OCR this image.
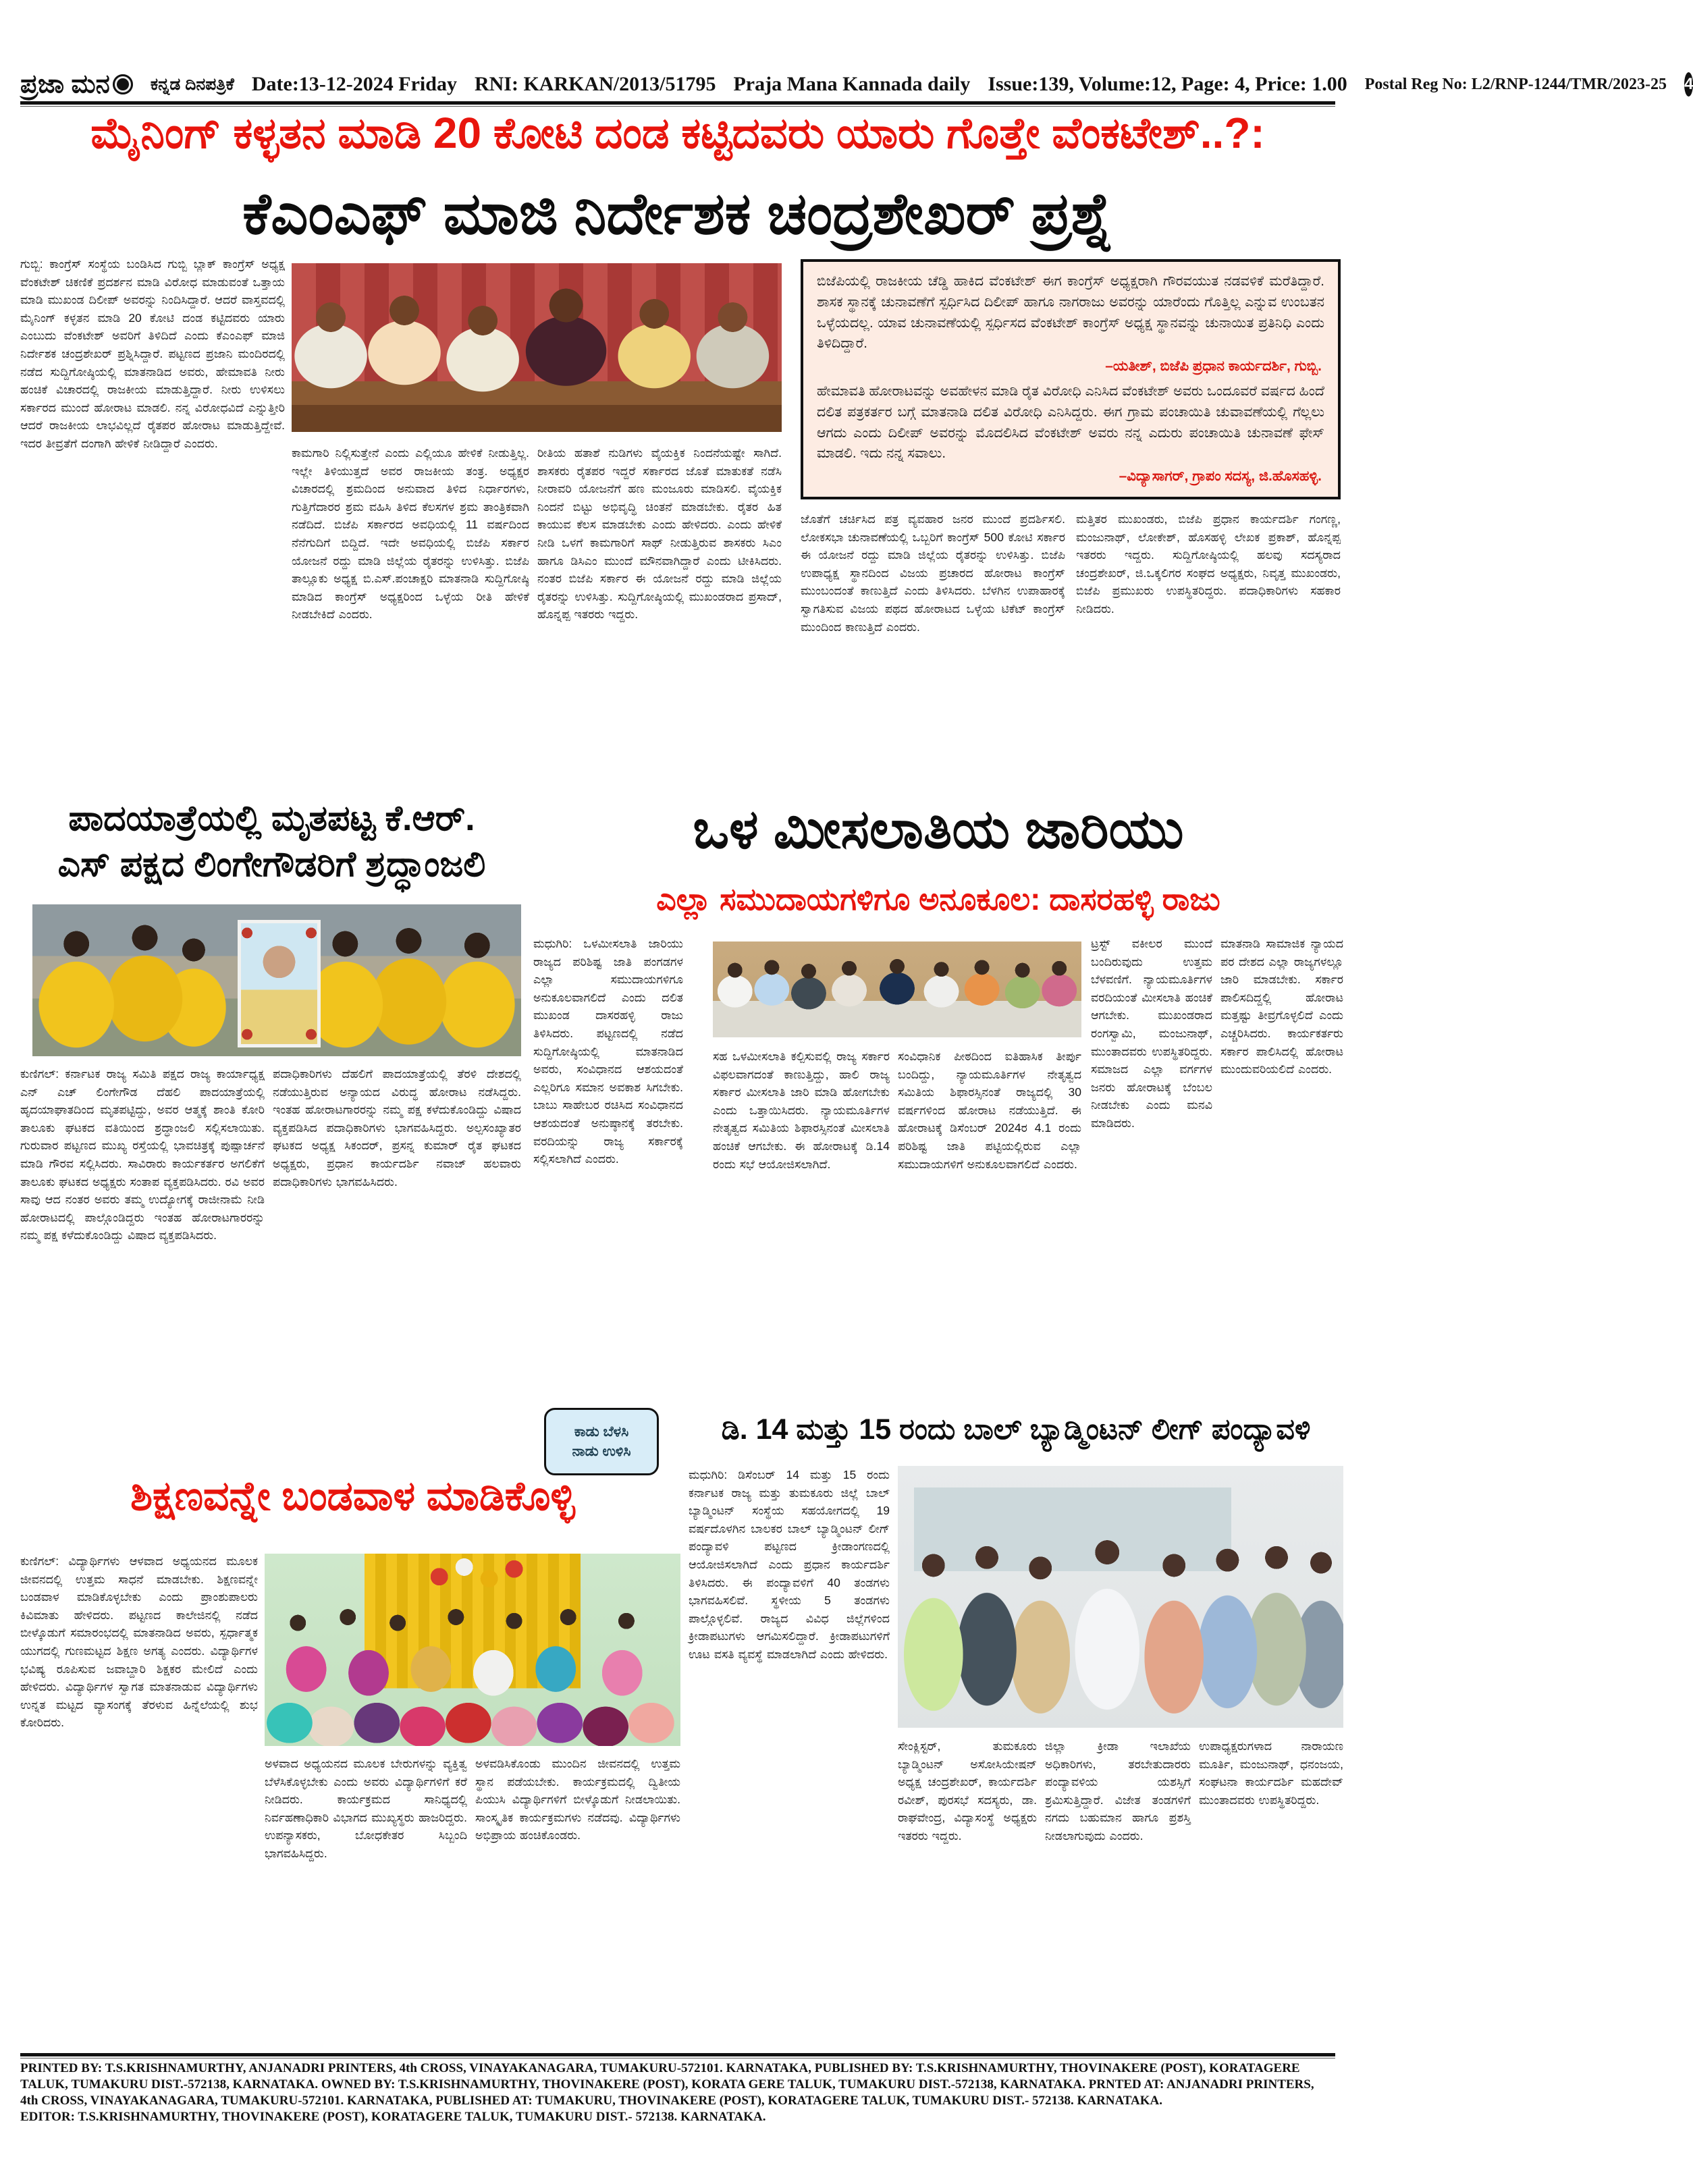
ಪ್ರಜಾ ಮನ ಕನ್ನಡ ದಿನಪತ್ರಿಕೆ Date:13-12-2024 Friday RNI: KARKAN/2013/51795 Praja Mana Kannada daily Issue:139, Volume:12, Page: 4, Price: 1.00 Postal Reg No: L2/RNP-1244/TMR/2023-25 4
ಮೈನಿಂಗ್ ಕಳ್ಳತನ ಮಾಡಿ 20 ಕೋಟಿ ದಂಡ ಕಟ್ಟಿದವರು ಯಾರು ಗೊತ್ತೇ ವೆಂಕಟೇಶ್..?:
ಕೆಎಂಎಫ್ ಮಾಜಿ ನಿರ್ದೇಶಕ ಚಂದ್ರಶೇಖರ್ ಪ್ರಶ್ನೆ
ಗುಬ್ಬಿ: ಕಾಂಗ್ರೆಸ್ ಸಂಸ್ಥೆಯ ಬಂಡಿಸಿದ ಗುಬ್ಬಿ ಬ್ಲಾಕ್ ಕಾಂಗ್ರೆಸ್ ಅಧ್ಯಕ್ಷ ವೆಂಕಟೇಶ್ ಚಿಕಣಿಕೆ ಪ್ರದರ್ಶನ ಮಾಡಿ ವಿರೋಧ ಮಾಡುವಂತೆ ಒತ್ತಾಯ ಮಾಡಿ ಮುಖಂಡ ದಿಲೀಪ್ ಅವರನ್ನು ನಿಂದಿಸಿದ್ದಾರೆ. ಆದರೆ ವಾಸ್ತವದಲ್ಲಿ ಮೈನಿಂಗ್ ಕಳ್ಳತನ ಮಾಡಿ 20 ಕೋಟಿ ದಂಡ ಕಟ್ಟಿದವರು ಯಾರು ಎಂಬುದು ವೆಂಕಟೇಶ್ ಅವರಿಗೆ ತಿಳಿದಿದೆ ಎಂದು ಕೆಎಂಎಫ್ ಮಾಜಿ ನಿರ್ದೇಶಕ ಚಂದ್ರಶೇಖರ್ ಪ್ರಶ್ನಿಸಿದ್ದಾರೆ. ಪಟ್ಟಣದ ಪ್ರಜಾನಿ ಮಂದಿರದಲ್ಲಿ ನಡೆದ ಸುದ್ದಿಗೋಷ್ಠಿಯಲ್ಲಿ ಮಾತನಾಡಿದ ಅವರು, ಹೇಮಾವತಿ ನೀರು ಹಂಚಿಕೆ ವಿಚಾರದಲ್ಲಿ ರಾಜಕೀಯ ಮಾಡುತ್ತಿದ್ದಾರೆ. ನೀರು ಉಳಿಸಲು ಸರ್ಕಾರದ ಮುಂದೆ ಹೋರಾಟ ಮಾಡಲಿ. ನನ್ನ ವಿರೋಧವಿದೆ ಎನ್ನುತ್ತೀರಿ ಆದರೆ ರಾಜಕೀಯ ಲಾಭವಿಲ್ಲದೆ ರೈತಪರ ಹೋರಾಟ ಮಾಡುತ್ತಿದ್ದೇವೆ. ಇದರ ತೀವ್ರತೆಗೆ ದಂಗಾಗಿ ಹೇಳಿಕೆ ನೀಡಿದ್ದಾರೆ ಎಂದರು.
ಕಾಮಗಾರಿ ನಿಲ್ಲಿಸುತ್ತೇನೆ ಎಂದು ಎಲ್ಲಿಯೂ ಹೇಳಿಕೆ ನೀಡುತ್ತಿಲ್ಲ. ಇಲ್ಲೇ ತಿಳಿಯುತ್ತದೆ ಅವರ ರಾಜಕೀಯ ತಂತ್ರ. ಅಧ್ಯಕ್ಷರ ವಿಚಾರದಲ್ಲಿ ಶ್ರಮದಿಂದ ಅನುವಾದ ತಿಳಿದ ನಿರ್ಧಾರಗಳು, ಗುತ್ತಿಗೆದಾರರ ಶ್ರಮ ವಹಿಸಿ ತಿಳಿದ ಕೆಲಸಗಳ ಶ್ರಮ ತಾಂತ್ರಿಕವಾಗಿ ನಡೆದಿದೆ. ಬಿಜೆಪಿ ಸರ್ಕಾರದ ಅವಧಿಯಲ್ಲಿ 11 ವರ್ಷದಿಂದ ನೆನೆಗುದಿಗೆ ಬಿದ್ದಿದೆ. ಇದೇ ಅವಧಿಯಲ್ಲಿ ಬಿಜೆಪಿ ಸರ್ಕಾರ ಯೋಜನೆ ರದ್ದು ಮಾಡಿ ಜಿಲ್ಲೆಯ ರೈತರನ್ನು ಉಳಿಸಿತ್ತು. ಬಿಜೆಪಿ ತಾಲ್ಲೂಕು ಅಧ್ಯಕ್ಷ ಬಿ.ಎಸ್.ಪಂಚಾಕ್ಷರಿ ಮಾತನಾಡಿ ಸುದ್ದಿಗೋಷ್ಠಿ ಮಾಡಿದ ಕಾಂಗ್ರೆಸ್ ಅಧ್ಯಕ್ಷರಿಂದ ಒಳ್ಳೆಯ ರೀತಿ ಹೇಳಿಕೆ ನೀಡಬೇಕಿದೆ ಎಂದರು.
ರೀತಿಯ ಹತಾಶೆ ನುಡಿಗಳು ವೈಯಕ್ತಿಕ ನಿಂದನೆಯಷ್ಟೇ ಸಾಗಿದೆ. ಶಾಸಕರು ರೈತಪರ ಇದ್ದರೆ ಸರ್ಕಾರದ ಜೊತೆ ಮಾತುಕತೆ ನಡೆಸಿ ನೀರಾವರಿ ಯೋಜನೆಗೆ ಹಣ ಮಂಜೂರು ಮಾಡಿಸಲಿ. ವೈಯಕ್ತಿಕ ನಿಂದನೆ ಬಿಟ್ಟು ಅಭಿವೃದ್ಧಿ ಚಿಂತನೆ ಮಾಡಬೇಕು. ರೈತರ ಹಿತ ಕಾಯುವ ಕೆಲಸ ಮಾಡಬೇಕು ಎಂದು ಹೇಳಿದರು. ಎಂದು ಹೇಳಿಕೆ ನೀಡಿ ಒಳಗೆ ಕಾಮಗಾರಿಗೆ ಸಾಥ್ ನೀಡುತ್ತಿರುವ ಶಾಸಕರು ಸಿಎಂ ಹಾಗೂ ಡಿಸಿಎಂ ಮುಂದೆ ಮೌನವಾಗಿದ್ದಾರೆ ಎಂದು ಟೀಕಿಸಿದರು. ನಂತರ ಬಿಜೆಪಿ ಸರ್ಕಾರ ಈ ಯೋಜನೆ ರದ್ದು ಮಾಡಿ ಜಿಲ್ಲೆಯ ರೈತರನ್ನು ಉಳಿಸಿತ್ತು. ಸುದ್ದಿಗೋಷ್ಠಿಯಲ್ಲಿ ಮುಖಂಡರಾದ ಪ್ರಸಾದ್, ಹೊನ್ನಪ್ಪ ಇತರರು ಇದ್ದರು.
ಬಿಜೆಪಿಯಲ್ಲಿ ರಾಜಕೀಯ ಚೆಡ್ಡಿ ಹಾಕಿದ ವೆಂಕಟೇಶ್ ಈಗ ಕಾಂಗ್ರೆಸ್ ಅಧ್ಯಕ್ಷರಾಗಿ ಗೌರವಯುತ ನಡವಳಿಕೆ ಮರೆತಿದ್ದಾರೆ. ಶಾಸಕ ಸ್ಥಾನಕ್ಕೆ ಚುನಾವಣೆಗೆ ಸ್ಪರ್ಧಿಸಿದ ದಿಲೀಪ್ ಹಾಗೂ ನಾಗರಾಜು ಅವರನ್ನು ಯಾರೆಂದು ಗೊತ್ತಿಲ್ಲ ಎನ್ನುವ ಉಂಬತನ ಒಳ್ಳೆಯದಲ್ಲ. ಯಾವ ಚುನಾವಣೆಯಲ್ಲಿ ಸ್ಪರ್ಧಿಸದ ವೆಂಕಟೇಶ್ ಕಾಂಗ್ರೆಸ್ ಅಧ್ಯಕ್ಷ ಸ್ಥಾನವನ್ನು ಚುನಾಯಿತ ಪ್ರತಿನಿಧಿ ಎಂದು ತಿಳಿದಿದ್ದಾರೆ.
–ಯತೀಶ್, ಬಿಜೆಪಿ ಪ್ರಧಾನ ಕಾರ್ಯದರ್ಶಿ, ಗುಬ್ಬಿ.
ಹೇಮಾವತಿ ಹೋರಾಟವನ್ನು ಅವಹೇಳನ ಮಾಡಿ ರೈತ ವಿರೋಧಿ ಎನಿಸಿದ ವೆಂಕಟೇಶ್ ಅವರು ಒಂದೂವರೆ ವರ್ಷದ ಹಿಂದೆ ದಲಿತ ಪತ್ರಕರ್ತರ ಬಗ್ಗೆ ಮಾತನಾಡಿ ದಲಿತ ವಿರೋಧಿ ಎನಿಸಿದ್ದರು. ಈಗ ಗ್ರಾಮ ಪಂಚಾಯಿತಿ ಚುವಾವಣೆಯಲ್ಲಿ ಗೆಲ್ಲಲು ಆಗದು ಎಂದು ದಿಲೀಪ್ ಅವರನ್ನು ಮೊದಲಿಸಿದ ವೆಂಕಟೇಶ್ ಅವರು ನನ್ನ ಎದುರು ಪಂಚಾಯಿತಿ ಚುನಾವಣೆ ಫೇಸ್ ಮಾಡಲಿ. ಇದು ನನ್ನ ಸವಾಲು.
–ವಿದ್ಯಾಸಾಗರ್, ಗ್ರಾಪಂ ಸದಸ್ಯ, ಜಿ.ಹೊಸಹಳ್ಳಿ.
ಜೊತೆಗೆ ಚರ್ಚಿಸಿದ ಪತ್ರ ವ್ಯವಹಾರ ಜನರ ಮುಂದೆ ಪ್ರದರ್ಶಿಸಲಿ. ಲೋಕಸಭಾ ಚುನಾವಣೆಯಲ್ಲಿ ಒಬ್ಬರಿಗೆ ಕಾಂಗ್ರೆಸ್ 500 ಕೋಟಿ ಸರ್ಕಾರ ಈ ಯೋಜನೆ ರದ್ದು ಮಾಡಿ ಜಿಲ್ಲೆಯ ರೈತರನ್ನು ಉಳಿಸಿತ್ತು. ಬಿಜೆಪಿ ಉಪಾಧ್ಯಕ್ಷ ಸ್ಥಾನದಿಂದ ವಿಜಯ ಪ್ರಚಾರದ ಹೋರಾಟ ಕಾಂಗ್ರೆಸ್ ಮುಂಬಂದಂತೆ ಕಾಣುತ್ತಿದೆ ಎಂದು ತಿಳಿಸಿದರು. ಬೆಳಗಿನ ಉಪಾಹಾರಕ್ಕೆ ಸ್ವಾಗತಿಸುವ ವಿಜಯ ಪಥದ ಹೋರಾಟದ ಒಳ್ಳೆಯ ಟಿಕೆಟ್ ಕಾಂಗ್ರೆಸ್ ಮುಂದಿಂದ ಕಾಣುತ್ತಿದೆ ಎಂದರು.
ಮತ್ತಿತರ ಮುಖಂಡರು, ಬಿಜೆಪಿ ಪ್ರಧಾನ ಕಾರ್ಯದರ್ಶಿ ಗಂಗಣ್ಣ, ಮಂಜುನಾಥ್, ಲೋಕೇಶ್, ಹೊಸಹಳ್ಳಿ ಲೇಖಕ ಪ್ರಕಾಶ್, ಹೊನ್ನಪ್ಪ ಇತರರು ಇದ್ದರು. ಸುದ್ದಿಗೋಷ್ಠಿಯಲ್ಲಿ ಹಲವು ಸದಸ್ಯರಾದ ಚಂದ್ರಶೇಖರ್, ಜಿ.ಒಕ್ಕಲಿಗರ ಸಂಘದ ಅಧ್ಯಕ್ಷರು, ನಿವೃತ್ತ ಮುಖಂಡರು, ಬಿಜೆಪಿ ಪ್ರಮುಖರು ಉಪಸ್ಥಿತರಿದ್ದರು. ಪದಾಧಿಕಾರಿಗಳು ಸಹಕಾರ ನೀಡಿದರು.
ಪಾದಯಾತ್ರೆಯಲ್ಲಿ ಮೃತಪಟ್ಟ ಕೆ.ಆರ್.
ಎಸ್ ಪಕ್ಷದ ಲಿಂಗೇಗೌಡರಿಗೆ ಶ್ರದ್ಧಾಂಜಲಿ
ಕುಣಿಗಲ್: ಕರ್ನಾಟಕ ರಾಜ್ಯ ಸಮಿತಿ ಪಕ್ಷದ ರಾಜ್ಯ ಕಾರ್ಯಾಧ್ಯಕ್ಷ ಎನ್ ಎಚ್ ಲಿಂಗೇಗೌಡ ದೆಹಲಿ ಪಾದಯಾತ್ರೆಯಲ್ಲಿ ಹೃದಯಾಘಾತದಿಂದ ಮೃತಪಟ್ಟಿದ್ದು, ಅವರ ಆತ್ಮಕ್ಕೆ ಶಾಂತಿ ಕೋರಿ ತಾಲೂಕು ಘಟಕದ ವತಿಯಿಂದ ಶ್ರದ್ಧಾಂಜಲಿ ಸಲ್ಲಿಸಲಾಯಿತು. ಗುರುವಾರ ಪಟ್ಟಣದ ಮುಖ್ಯ ರಸ್ತೆಯಲ್ಲಿ ಭಾವಚಿತ್ರಕ್ಕೆ ಪುಷ್ಪಾರ್ಚನೆ ಮಾಡಿ ಗೌರವ ಸಲ್ಲಿಸಿದರು. ಸಾವಿರಾರು ಕಾರ್ಯಕರ್ತರ ಅಗಲಿಕೆಗೆ ತಾಲೂಕು ಘಟಕದ ಅಧ್ಯಕ್ಷರು ಸಂತಾಪ ವ್ಯಕ್ತಪಡಿಸಿದರು. ರವಿ ಅವರ ಸಾವು ಆದ ನಂತರ ಅವರು ತಮ್ಮ ಉದ್ಯೋಗಕ್ಕೆ ರಾಜೀನಾಮೆ ನೀಡಿ ಹೋರಾಟದಲ್ಲಿ ಪಾಲ್ಗೊಂಡಿದ್ದರು ಇಂತಹ ಹೋರಾಟಗಾರರನ್ನು ನಮ್ಮ ಪಕ್ಷ ಕಳೆದುಕೊಂಡಿದ್ದು ವಿಷಾದ ವ್ಯಕ್ತಪಡಿಸಿದರು.
ಪದಾಧಿಕಾರಿಗಳು ದೆಹಲಿಗೆ ಪಾದಯಾತ್ರೆಯಲ್ಲಿ ತೆರಳಿ ದೇಶದಲ್ಲಿ ನಡೆಯುತ್ತಿರುವ ಅನ್ಯಾಯದ ವಿರುದ್ಧ ಹೋರಾಟ ನಡೆಸಿದ್ದರು. ಇಂತಹ ಹೋರಾಟಗಾರರನ್ನು ನಮ್ಮ ಪಕ್ಷ ಕಳೆದುಕೊಂಡಿದ್ದು ವಿಷಾದ ವ್ಯಕ್ತಪಡಿಸಿದ ಪದಾಧಿಕಾರಿಗಳು ಭಾಗವಹಿಸಿದ್ದರು. ಅಲ್ಪಸಂಖ್ಯಾತರ ಘಟಕದ ಅಧ್ಯಕ್ಷ ಸಿಕಂದರ್, ಪ್ರಸನ್ನ ಕುಮಾರ್ ರೈತ ಘಟಕದ ಅಧ್ಯಕ್ಷರು, ಪ್ರಧಾನ ಕಾರ್ಯದರ್ಶಿ ನವಾಜ್ ಹಲವಾರು ಪದಾಧಿಕಾರಿಗಳು ಭಾಗವಹಿಸಿದರು.
ಒಳ ಮೀಸಲಾತಿಯ ಜಾರಿಯು
ಎಲ್ಲಾ ಸಮುದಾಯಗಳಿಗೂ ಅನೂಕೂಲ: ದಾಸರಹಳ್ಳಿ ರಾಜು
ಮಧುಗಿರಿ: ಒಳಮೀಸಲಾತಿ ಜಾರಿಯು ರಾಜ್ಯದ ಪರಿಶಿಷ್ಟ ಜಾತಿ ಪಂಗಡಗಳ ಎಲ್ಲಾ ಸಮುದಾಯಗಳಿಗೂ ಅನುಕೂಲವಾಗಲಿದೆ ಎಂದು ದಲಿತ ಮುಖಂಡ ದಾಸರಹಳ್ಳಿ ರಾಜು ತಿಳಿಸಿದರು. ಪಟ್ಟಣದಲ್ಲಿ ನಡೆದ ಸುದ್ದಿಗೋಷ್ಠಿಯಲ್ಲಿ ಮಾತನಾಡಿದ ಅವರು, ಸಂವಿಧಾನದ ಆಶಯದಂತೆ ಎಲ್ಲರಿಗೂ ಸಮಾನ ಅವಕಾಶ ಸಿಗಬೇಕು. ಬಾಬು ಸಾಹೇಬರ ರಚಿಸಿದ ಸಂವಿಧಾನದ ಆಶಯದಂತೆ ಅನುಷ್ಠಾನಕ್ಕೆ ತರಬೇಕು. ವರದಿಯನ್ನು ರಾಜ್ಯ ಸರ್ಕಾರಕ್ಕೆ ಸಲ್ಲಿಸಲಾಗಿದೆ ಎಂದರು.
ಸಹ ಒಳಮೀಸಲಾತಿ ಕಲ್ಪಿಸುವಲ್ಲಿ ರಾಜ್ಯ ಸರ್ಕಾರ ವಿಫಲವಾಗದಂತೆ ಕಾಣುತ್ತಿದ್ದು, ಹಾಲಿ ರಾಜ್ಯ ಸರ್ಕಾರ ಮೀಸಲಾತಿ ಜಾರಿ ಮಾಡಿ ಹೋಗಬೇಕು ಎಂದು ಒತ್ತಾಯಿಸಿದರು. ನ್ಯಾಯಮೂರ್ತಿಗಳ ನೇತೃತ್ವದ ಸಮಿತಿಯ ಶಿಫಾರಸ್ಸಿನಂತೆ ಮೀಸಲಾತಿ ಹಂಚಿಕೆ ಆಗಬೇಕು. ಈ ಹೋರಾಟಕ್ಕೆ ಡಿ.14 ರಂದು ಸಭೆ ಆಯೋಜಿಸಲಾಗಿದೆ.
ಸಂವಿಧಾನಿಕ ಪೀಠದಿಂದ ಐತಿಹಾಸಿಕ ತೀರ್ಪು ಬಂದಿದ್ದು, ನ್ಯಾಯಮೂರ್ತಿಗಳ ನೇತೃತ್ವದ ಸಮಿತಿಯ ಶಿಫಾರಸ್ಸಿನಂತೆ ರಾಜ್ಯದಲ್ಲಿ 30 ವರ್ಷಗಳಿಂದ ಹೋರಾಟ ನಡೆಯುತ್ತಿದೆ. ಈ ಹೋರಾಟಕ್ಕೆ ಡಿಸೆಂಬರ್ 2024ರ 4.1 ರಂದು ಪರಿಶಿಷ್ಟ ಜಾತಿ ಪಟ್ಟಿಯಲ್ಲಿರುವ ಎಲ್ಲಾ ಸಮುದಾಯಗಳಿಗೆ ಅನುಕೂಲವಾಗಲಿದೆ ಎಂದರು.
ಟ್ರಸ್ಟ್ ವಕೀಲರ ಮುಂದೆ ಬಂದಿರುವುದು ಉತ್ತಮ ಬೆಳವಣಿಗೆ. ನ್ಯಾಯಮೂರ್ತಿಗಳ ವರದಿಯಂತೆ ಮೀಸಲಾತಿ ಹಂಚಿಕೆ ಆಗಬೇಕು. ಮುಖಂಡರಾದ ರಂಗಸ್ವಾಮಿ, ಮಂಜುನಾಥ್, ಮುಂತಾದವರು ಉಪಸ್ಥಿತರಿದ್ದರು. ಸಮಾಜದ ಎಲ್ಲಾ ವರ್ಗಗಳ ಜನರು ಹೋರಾಟಕ್ಕೆ ಬೆಂಬಲ ನೀಡಬೇಕು ಎಂದು ಮನವಿ ಮಾಡಿದರು.
ಮಾತನಾಡಿ ಸಾಮಾಜಿಕ ನ್ಯಾಯದ ಪರ ದೇಶದ ಎಲ್ಲಾ ರಾಜ್ಯಗಳಲ್ಲೂ ಜಾರಿ ಮಾಡಬೇಕು. ಸರ್ಕಾರ ಪಾಲಿಸದಿದ್ದಲ್ಲಿ ಹೋರಾಟ ಮತ್ತಷ್ಟು ತೀವ್ರಗೊಳ್ಳಲಿದೆ ಎಂದು ಎಚ್ಚರಿಸಿದರು. ಕಾರ್ಯಕರ್ತರು ಸರ್ಕಾರ ಪಾಲಿಸಿದಲ್ಲಿ ಹೋರಾಟ ಮುಂದುವರಿಯಲಿದೆ ಎಂದರು.
ಕಾಡು ಬೆಳಸಿ
ನಾಡು ಉಳಿಸಿ
ಡಿ. 14 ಮತ್ತು 15 ರಂದು ಬಾಲ್ ಬ್ಯಾಡ್ಮಿಂಟನ್ ಲೀಗ್ ಪಂದ್ಯಾವಳಿ
ಮಧುಗಿರಿ: ಡಿಸೆಂಬರ್ 14 ಮತ್ತು 15 ರಂದು ಕರ್ನಾಟಕ ರಾಜ್ಯ ಮತ್ತು ತುಮಕೂರು ಜಿಲ್ಲೆ ಬಾಲ್ ಬ್ಯಾಡ್ಮಿಂಟನ್ ಸಂಸ್ಥೆಯ ಸಹಯೋಗದಲ್ಲಿ 19 ವರ್ಷದೊಳಗಿನ ಬಾಲಕರ ಬಾಲ್ ಬ್ಯಾಡ್ಮಿಂಟನ್ ಲೀಗ್ ಪಂದ್ಯಾವಳಿ ಪಟ್ಟಣದ ಕ್ರೀಡಾಂಗಣದಲ್ಲಿ ಆಯೋಜಿಸಲಾಗಿದೆ ಎಂದು ಪ್ರಧಾನ ಕಾರ್ಯದರ್ಶಿ ತಿಳಿಸಿದರು. ಈ ಪಂದ್ಯಾವಳಿಗೆ 40 ತಂಡಗಳು ಭಾಗವಹಿಸಲಿವೆ. ಸ್ಥಳೀಯ 5 ತಂಡಗಳು ಪಾಲ್ಗೊಳ್ಳಲಿವೆ. ರಾಜ್ಯದ ವಿವಿಧ ಜಿಲ್ಲೆಗಳಿಂದ ಕ್ರೀಡಾಪಟುಗಳು ಆಗಮಿಸಲಿದ್ದಾರೆ. ಕ್ರೀಡಾಪಟುಗಳಿಗೆ ಊಟ ವಸತಿ ವ್ಯವಸ್ಥೆ ಮಾಡಲಾಗಿದೆ ಎಂದು ಹೇಳಿದರು.
ಸೇಂಕ್ಲಿಸ್ಟರ್, ತುಮಕೂರು ಬ್ಯಾಡ್ಮಿಂಟನ್ ಅಸೋಸಿಯೇಷನ್ ಅಧ್ಯಕ್ಷ ಚಂದ್ರಶೇಖರ್, ಕಾರ್ಯದರ್ಶಿ ರವೀಶ್, ಪುರಸಭೆ ಸದಸ್ಯರು, ಡಾ. ರಾಘವೇಂದ್ರ, ವಿದ್ಯಾಸಂಸ್ಥೆ ಅಧ್ಯಕ್ಷರು ಇತರರು ಇದ್ದರು.
ಜಿಲ್ಲಾ ಕ್ರೀಡಾ ಇಲಾಖೆಯ ಅಧಿಕಾರಿಗಳು, ತರಬೇತುದಾರರು ಪಂದ್ಯಾವಳಿಯ ಯಶಸ್ಸಿಗೆ ಶ್ರಮಿಸುತ್ತಿದ್ದಾರೆ. ವಿಜೇತ ತಂಡಗಳಿಗೆ ನಗದು ಬಹುಮಾನ ಹಾಗೂ ಪ್ರಶಸ್ತಿ ನೀಡಲಾಗುವುದು ಎಂದರು.
ಉಪಾಧ್ಯಕ್ಷರುಗಳಾದ ನಾರಾಯಣ ಮೂರ್ತಿ, ಮಂಜುನಾಥ್, ಧನಂಜಯ, ಸಂಘಟನಾ ಕಾರ್ಯದರ್ಶಿ ಮಹದೇವ್ ಮುಂತಾದವರು ಉಪಸ್ಥಿತರಿದ್ದರು.
ಶಿಕ್ಷಣವನ್ನೇ ಬಂಡವಾಳ ಮಾಡಿಕೊಳ್ಳಿ
ಕುಣಿಗಲ್: ವಿದ್ಯಾರ್ಥಿಗಳು ಆಳವಾದ ಅಧ್ಯಯನದ ಮೂಲಕ ಜೀವನದಲ್ಲಿ ಉತ್ತಮ ಸಾಧನೆ ಮಾಡಬೇಕು. ಶಿಕ್ಷಣವನ್ನೇ ಬಂಡವಾಳ ಮಾಡಿಕೊಳ್ಳಬೇಕು ಎಂದು ಪ್ರಾಂಶುಪಾಲರು ಕಿವಿಮಾತು ಹೇಳಿದರು. ಪಟ್ಟಣದ ಕಾಲೇಜಿನಲ್ಲಿ ನಡೆದ ಬೀಳ್ಕೊಡುಗೆ ಸಮಾರಂಭದಲ್ಲಿ ಮಾತನಾಡಿದ ಅವರು, ಸ್ಪರ್ಧಾತ್ಮಕ ಯುಗದಲ್ಲಿ ಗುಣಮಟ್ಟದ ಶಿಕ್ಷಣ ಅಗತ್ಯ ಎಂದರು. ವಿದ್ಯಾರ್ಥಿಗಳ ಭವಿಷ್ಯ ರೂಪಿಸುವ ಜವಾಬ್ದಾರಿ ಶಿಕ್ಷಕರ ಮೇಲಿದೆ ಎಂದು ಹೇಳಿದರು. ವಿದ್ಯಾರ್ಥಿಗಳ ಸ್ವಾಗತ ಮಾತನಾಡುವ ವಿದ್ಯಾರ್ಥಿಗಳು ಉನ್ನತ ಮಟ್ಟದ ವ್ಯಾಸಂಗಕ್ಕೆ ತೆರಳುವ ಹಿನ್ನೆಲೆಯಲ್ಲಿ ಶುಭ ಕೋರಿದರು.
ಅಳವಾದ ಅಧ್ಯಯನದ ಮೂಲಕ ಬೇರುಗಳನ್ನು ವ್ಯಕ್ತಿತ್ವ ಬೆಳೆಸಿಕೊಳ್ಳಬೇಕು ಎಂದು ಅವರು ವಿದ್ಯಾರ್ಥಿಗಳಿಗೆ ಕರೆ ನೀಡಿದರು. ಕಾರ್ಯಕ್ರಮದ ಸಾನಿಧ್ಯದಲ್ಲಿ ನಿರ್ವಹಣಾಧಿಕಾರಿ ವಿಭಾಗದ ಮುಖ್ಯಸ್ಥರು ಹಾಜರಿದ್ದರು. ಉಪನ್ಯಾಸಕರು, ಬೋಧಕೇತರ ಸಿಬ್ಬಂದಿ ಭಾಗವಹಿಸಿದ್ದರು.
ಅಳವಡಿಸಿಕೊಂಡು ಮುಂದಿನ ಜೀವನದಲ್ಲಿ ಉತ್ತಮ ಸ್ಥಾನ ಪಡೆಯಬೇಕು. ಕಾರ್ಯಕ್ರಮದಲ್ಲಿ ದ್ವಿತೀಯ ಪಿಯುಸಿ ವಿದ್ಯಾರ್ಥಿಗಳಿಗೆ ಬೀಳ್ಕೊಡುಗೆ ನೀಡಲಾಯಿತು. ಸಾಂಸ್ಕೃತಿಕ ಕಾರ್ಯಕ್ರಮಗಳು ನಡೆದವು. ವಿದ್ಯಾರ್ಥಿಗಳು ಅಭಿಪ್ರಾಯ ಹಂಚಿಕೊಂಡರು.
PRINTED BY: T.S.KRISHNAMURTHY, ANJANADRI PRINTERS, 4th CROSS, VINAYAKANAGARA, TUMAKURU-572101. KARNATAKA, PUBLISHED BY: T.S.KRISHNAMURTHY, THOVINAKERE (POST), KORATAGERE
TALUK, TUMAKURU DIST.-572138, KARNATAKA. OWNED BY: T.S.KRISHNAMURTHY, THOVINAKERE (POST), KORATA GERE TALUK, TUMAKURU DIST.-572138, KARNATAKA. PRNTED AT: ANJANADRI PRINTERS,
4th CROSS, VINAYAKANAGARA, TUMAKURU-572101. KARNATAKA, PUBLISHED AT: TUMAKURU, THOVINAKERE (POST), KORATAGERE TALUK, TUMAKURU DIST.- 572138. KARNATAKA.
EDITOR: T.S.KRISHNAMURTHY, THOVINAKERE (POST), KORATAGERE TALUK, TUMAKURU DIST.- 572138. KARNATAKA.
